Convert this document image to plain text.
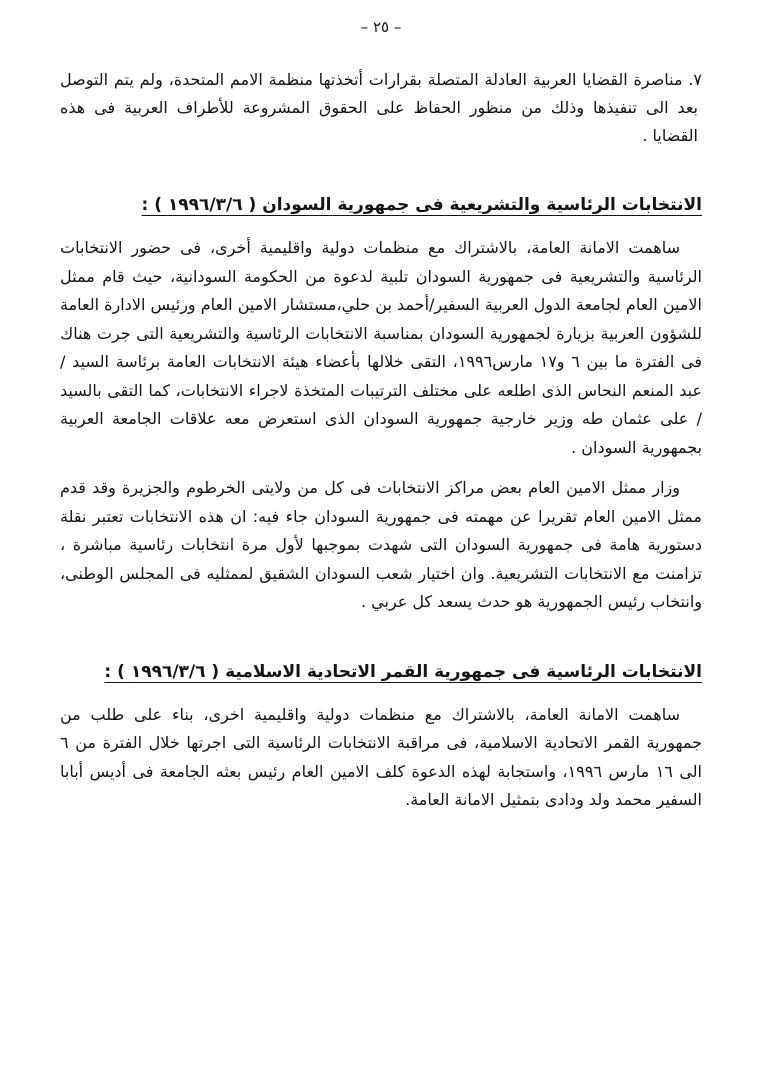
– ٢٥ –

٧. مناصرة القضايا العربية العادلة المتصلة بقرارات أتخذتها منظمة الامم المتحدة، ولم يتم التوصل بعد الى تنفيذها وذلك من منظور الحفاظ على الحقوق المشروعة للأطراف العربية فى هذه القضايا .

الانتخابات الرئاسية والتشريعية فى جمهورية السودان ( ١٩٩٦/٣/٦ ) :

ساهمت الامانة العامة، بالاشتراك مع منظمات دولية واقليمية أخرى، فى حضور الانتخابات الرئاسية والتشريعية فى جمهورية السودان تلبية لدعوة من الحكومة السودانية، حيث قام ممثل الامين العام لجامعة الدول العربية السفير/أحمد بن حلي،مستشار الامين العام ورئيس الادارة العامة للشؤون العربية بزيارة لجمهورية السودان بمناسبة الانتخابات الرئاسية والتشريعية التى جرت هناك فى الفترة ما بين ٦ و١٧ مارس١٩٩٦، التقى خلالها بأعضاء هيئة الانتخابات العامة برئاسة السيد / عبد المنعم النحاس الذى اطلعه على مختلف الترتيبات المتخذة لاجراء الانتخابات، كما التقى بالسيد / على عثمان طه وزير خارجية جمهورية السودان الذى استعرض معه علاقات الجامعة العربية بجمهورية السودان .

وزار ممثل الامين العام بعض مراكز الانتخابات فى كل من ولايتى الخرطوم والجزيرة وقد قدم ممثل الامين العام تقريرا عن مهمته فى جمهورية السودان جاء فيه: ان هذه الانتخابات تعتبر نقلة دستورية هامة فى جمهورية السودان التى شهدت بموجبها لأول مرة انتخابات رئاسية مباشرة ، تزامنت مع الانتخابات التشريعية. وان اختيار شعب السودان الشقيق لممثليه فى المجلس الوطنى، وانتخاب رئيس الجمهورية هو حدث يسعد كل عربي .

الانتخابات الرئاسية فى جمهورية القمر الاتحادية الاسلامية ( ١٩٩٦/٣/٦ ) :

ساهمت الامانة العامة، بالاشتراك مع منظمات دولية واقليمية اخرى، بناء على طلب من جمهورية القمر الاتحادية الاسلامية، فى مراقبة الانتخابات الرئاسية التى اجرتها خلال الفترة من ٦ الى ١٦ مارس ١٩٩٦، واستجابة لهذه الدعوة كلف الامين العام رئيس بعثه الجامعة فى أديس أبابا السفير محمد ولد ودادى بتمثيل الامانة العامة.
